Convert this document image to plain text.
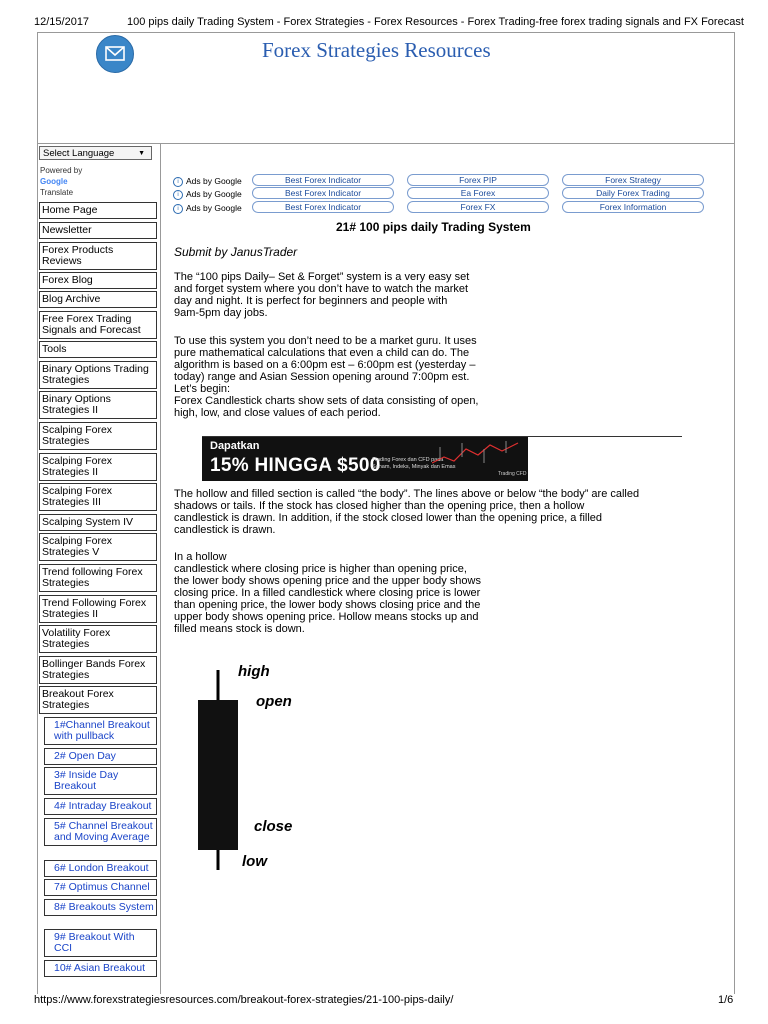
12/15/2017	100 pips daily Trading System - Forex Strategies - Forex Resources - Forex Trading-free forex trading signals and FX Forecast
https://www.forexstrategiesresources.com/breakout-forex-strategies/21-100-pips-daily/	1/6
Forex Strategies Resources
Select Language	▼
Powered by
Google
Translate
Home Page
Newsletter
Forex Products Reviews
Forex Blog
Blog Archive
Free Forex Trading Signals and Forecast
Tools
Binary Options Trading Strategies
Binary Options Strategies II
Scalping Forex Strategies
Scalping Forex Strategies II
Scalping Forex Strategies III
Scalping System IV
Scalping Forex Strategies V
Trend following Forex Strategies
Trend Following Forex Strategies II
Volatility Forex Strategies
Bollinger Bands Forex Strategies
Breakout Forex Strategies
1#Channel Breakout with pullback
2# Open Day
3# Inside Day Breakout
4# Intraday Breakout
5# Channel Breakout and Moving Average
6# London Breakout
7# Optimus Channel
8# Breakouts System
9# Breakout With CCI
10# Asian Breakout
i Ads by Google
i Ads by Google
i Ads by Google
Best Forex Indicator	Forex PIP	Forex Strategy
Best Forex Indicator	Ea Forex	Daily Forex Trading
Best Forex Indicator	Forex FX	Forex Information
21# 100 pips daily Trading System
Submit by JanusTrader
The “100 pips Daily– Set & Forget” system is a very easy set
and forget system where you don’t have to watch the market
day and night. It is perfect for beginners and people with
9am-5pm day jobs.
To use this system you don’t need to be a market guru. It uses
pure mathematical calculations that even a child can do. The
algorithm is based on a 6:00pm est – 6:00pm est (yesterday –
today) range and Asian Session opening around 7:00pm est.
Let’s begin:
Forex Candlestick charts show sets of data consisting of open,
high, low, and close values of each period.
Dapatkan
15% HINGGA $500
Trading Forex dan CFD pada
Saham, Indeks, Minyak dan Emas
Trading CFD
The hollow and filled section is called “the body”. The lines above or below “the body” are called
shadows or tails. If the stock has closed higher than the opening price, then a hollow
candlestick is drawn. In addition, if the stock closed lower than the opening price, a filled
candlestick is drawn.
In a hollow
candlestick where closing price is higher than opening price,
the lower body shows opening price and the upper body shows
closing price. In a filled candlestick where closing price is lower
than opening price, the lower body shows closing price and the
upper body shows opening price. Hollow means stocks up and
filled means stock is down.
high
open
close
low
